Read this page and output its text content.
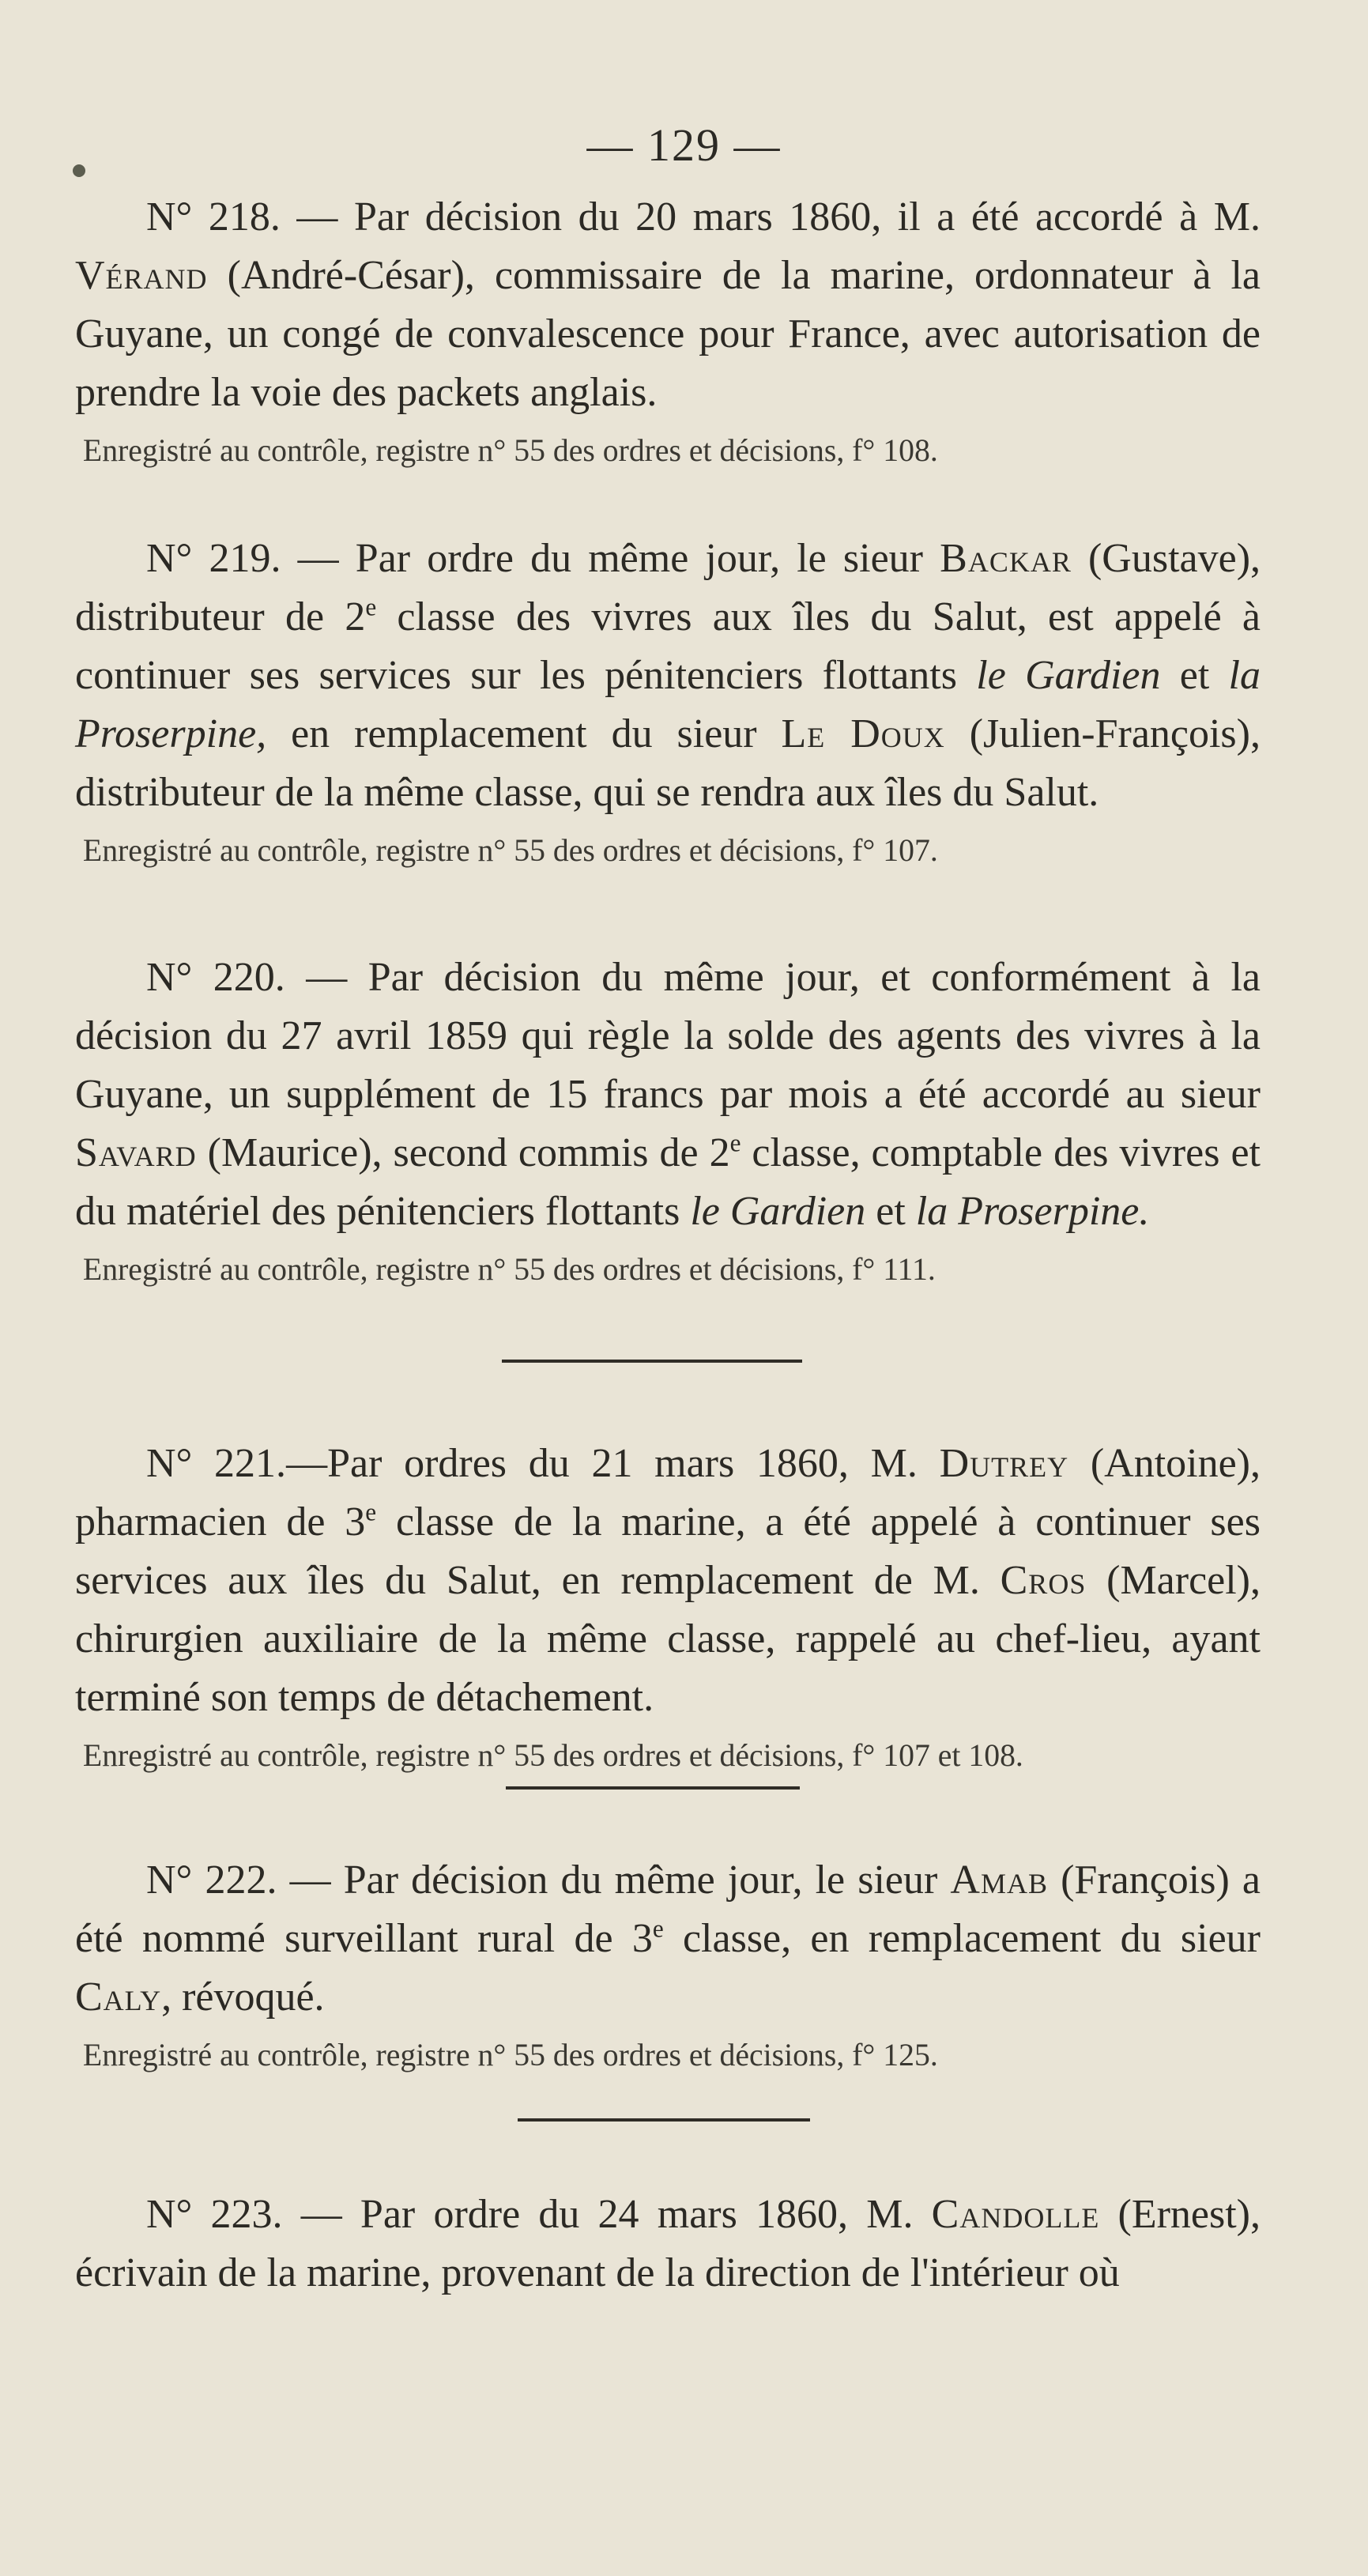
— 129 —

N° 218. — Par décision du 20 mars 1860, il a été accordé à M. Vérand (André-César), commissaire de la marine, ordonnateur à la Guyane, un congé de convalescence pour France, avec autorisation de prendre la voie des packets anglais.

Enregistré au contrôle, registre n° 55 des ordres et décisions, f° 108.

N° 219. — Par ordre du même jour, le sieur Backar (Gustave), distributeur de 2e classe des vivres aux îles du Salut, est appelé à continuer ses services sur les pénitenciers flottants le Gardien et la Proserpine, en remplacement du sieur Le Doux (Julien-François), distributeur de la même classe, qui se rendra aux îles du Salut.

Enregistré au contrôle, registre n° 55 des ordres et décisions, f° 107.

N° 220. — Par décision du même jour, et conformément à la décision du 27 avril 1859 qui règle la solde des agents des vivres à la Guyane, un supplément de 15 francs par mois a été accordé au sieur Savard (Maurice), second commis de 2e classe, comptable des vivres et du matériel des pénitenciers flottants le Gardien et la Proserpine.

Enregistré au contrôle, registre n° 55 des ordres et décisions, f° 111.

N° 221.—Par ordres du 21 mars 1860, M. Dutrey (Antoine), pharmacien de 3e classe de la marine, a été appelé à continuer ses services aux îles du Salut, en remplacement de M. Cros (Marcel), chirurgien auxiliaire de la même classe, rappelé au chef-lieu, ayant terminé son temps de détachement.

Enregistré au contrôle, registre n° 55 des ordres et décisions, f° 107 et 108.

N° 222. — Par décision du même jour, le sieur Amab (François) a été nommé surveillant rural de 3e classe, en remplacement du sieur Caly, révoqué.

Enregistré au contrôle, registre n° 55 des ordres et décisions, f° 125.

N° 223. — Par ordre du 24 mars 1860, M. Candolle (Ernest), écrivain de la marine, provenant de la direction de l'intérieur où
